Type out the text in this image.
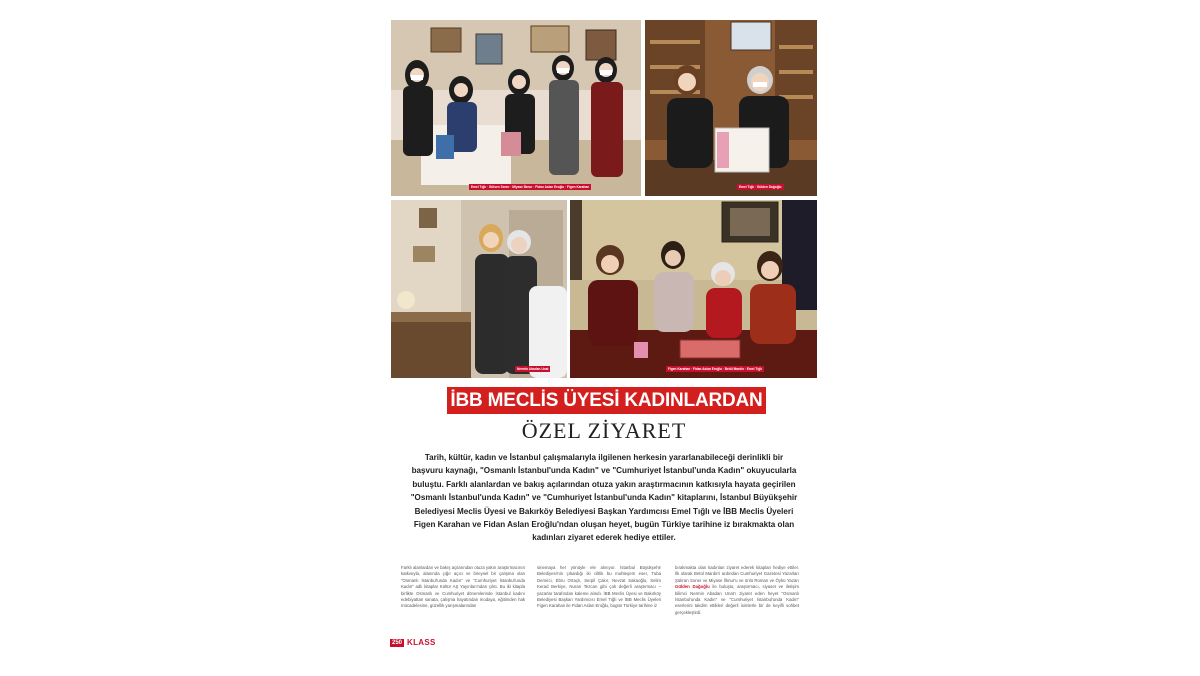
Emel Tığlı · Gülsen Sener · Miyase İlknur · Fidan Aslan Eroğlu · Figen Karahan	Emel Tığlı · Gülden Dağoğlu
Nermin Abadan Unat	Figen Karahan · Fidan Aslan Eroğlu · Betül Mardin · Emel Tığlı
İBB MECLİS ÜYESİ KADINLARDAN
ÖZEL ZİYARET
Tarih, kültür, kadın ve İstanbul çalışmalarıyla ilgilenen herkesin yararlanabileceği derinlikli bir başvuru kaynağı, "Osmanlı İstanbul'unda Kadın" ve "Cumhuriyet İstanbul'unda Kadın" okuyucularla buluştu. Farklı alanlardan ve bakış açılarından otuza yakın araştırmacının katkısıyla hayata geçirilen "Osmanlı İstanbul'unda Kadın" ve "Cumhuriyet İstanbul'unda Kadın" kitaplarını, İstanbul Büyükşehir Belediyesi Meclis Üyesi ve Bakırköy Belediyesi Başkan Yardımcısı Emel Tığlı ve İBB Meclis Üyeleri Figen Karahan ve Fidan Aslan Eroğlu'ndan oluşan heyet, bugün Türkiye tarihine iz bırakmakta olan kadınları ziyaret ederek hediye ettiler.
Farklı alanlardan ve bakış açılarından otuza yakın araştırmacının katkısıyla, alanında çığır açıcı ve bireysel bir çalışma olan "Osmanlı İstanbul'unda Kadın" ve "Cumhuriyet İstanbul'unda Kadın" adlı kitaplar Kültür AŞ Yayınları'ndan çıktı. Bu iki kitapla birlikte Osmanlı ve Cumhuriyet dönemlerinde İstanbul kadını edebiyattan sanata, çalışma hayatından modaya, eğitimden hak mücadelesine, güzellik yarışmalarından
sinemaya her yönüyle ele alınıyor. İstanbul Büyükşehir Belediyesi'nin çıkardığı iki ciltlik bu muhteşem eser, Tuba Demirci, Ebru Ortaçlı, Serpil Çakır, Nevzat Sakaoğlu, Selim Kerad Berkiye, Nuran Tezcan gibi çok değerli araştırmacı – yazarlar tarafından kaleme alındı. İBB Meclis Üyesi ve Bakırköy Belediyesi Başkan Yardımcısı Emel Tığlı ve İBB Meclis Üyeleri Figen Karahan ile Fidan Aslan Eroğlu, bugün Türkiye tarihine iz
bırakmakta olan kadınları ziyaret ederek kitapları hediye ettiler. İlk olarak Betül Mardin'i ardından Cumhuriyet Gazetesi Yazarları Şükran Soner ve Miyase İlknur'u ve ünlü Roman ve Öykü Yazarı Gülden Dağoğlu ile buluştu; araştırmacı, siyaset ve iletişim bilimci Nermin Abadan Unat'ı ziyaret eden heyet "Osmanlı İstanbul'unda Kadın" ve "Cumhuriyet İstanbul'unda Kadın" eserlerini takdim ettikleri değerli isimlerle bir de keyifli sohbet gerçekleştirdi.
250 KLASS
